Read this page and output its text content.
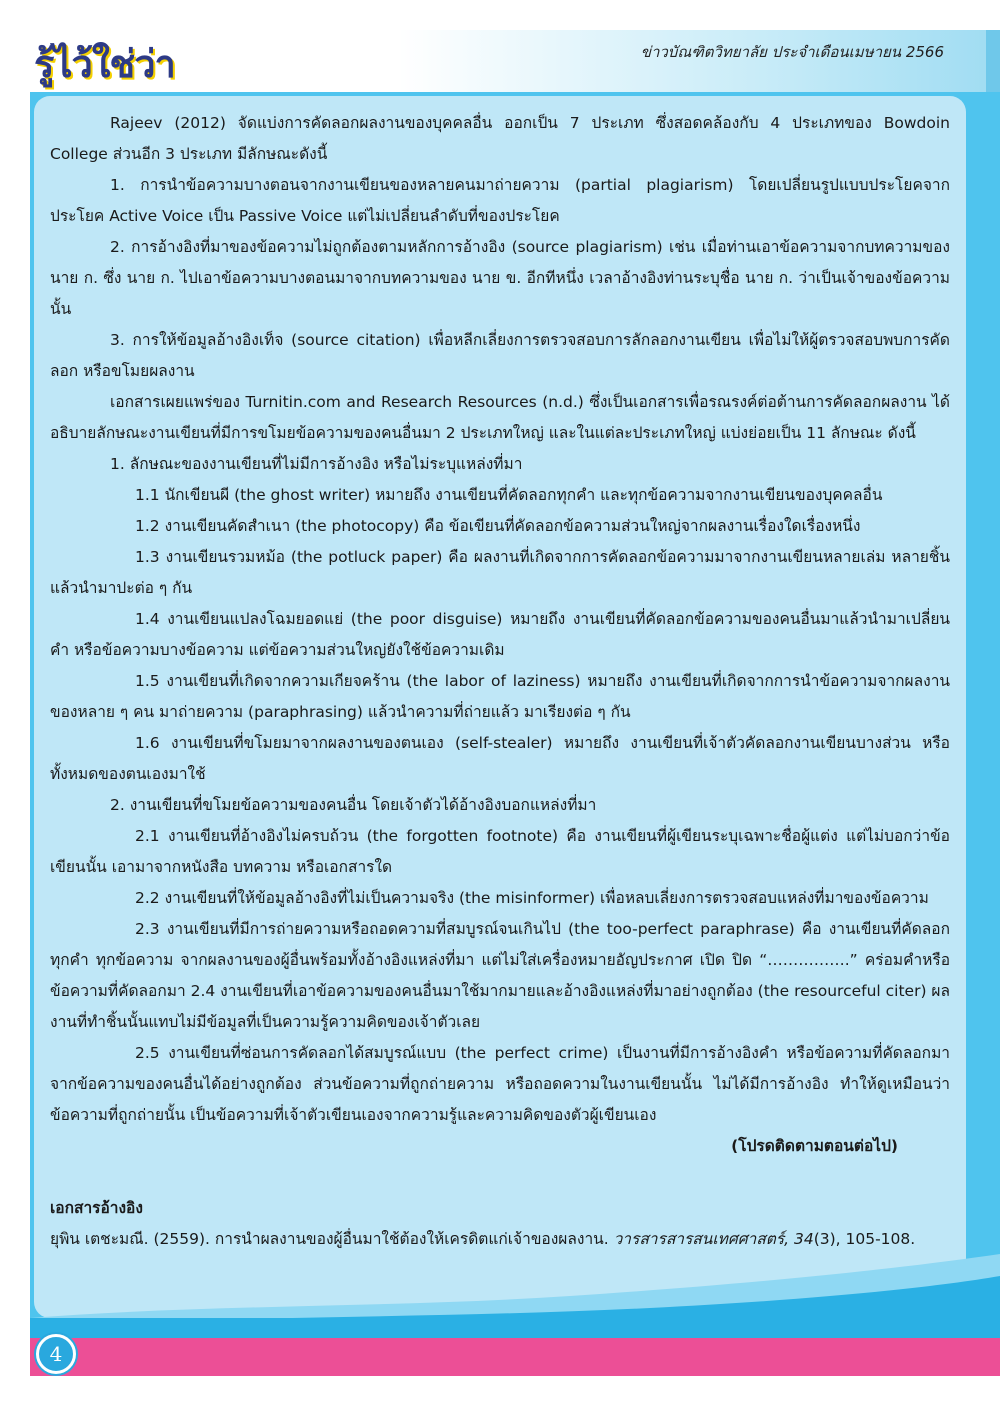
รู้ไว้ใช่ว่า	ข่าวบัณฑิตวิทยาลัย ประจำเดือนเมษายน 2566
4

Rajeev (2012) จัดแบ่งการคัดลอกผลงานของบุคคลอื่น ออกเป็น 7 ประเภท ซึ่งสอดคล้องกับ 4 ประเภทของ Bowdoin College ส่วนอีก 3 ประเภท มีลักษณะดังนี้

1. การนำข้อความบางตอนจากงานเขียนของหลายคนมาถ่ายความ (partial plagiarism) โดยเปลี่ยนรูปแบบประโยคจากประโยค Active Voice เป็น Passive Voice แต่ไม่เปลี่ยนลำดับที่ของประโยค

2. การอ้างอิงที่มาของข้อความไม่ถูกต้องตามหลักการอ้างอิง (source plagiarism) เช่น เมื่อท่านเอาข้อความจากบทความของ นาย ก. ซึ่ง นาย ก. ไปเอาข้อความบางตอนมาจากบทความของ นาย ข. อีกทีหนึ่ง เวลาอ้างอิงท่านระบุชื่อ นาย ก. ว่าเป็นเจ้าของข้อความนั้น

3. การให้ข้อมูลอ้างอิงเท็จ (source citation) เพื่อหลีกเลี่ยงการตรวจสอบการลักลอกงานเขียน เพื่อไม่ให้ผู้ตรวจสอบพบการคัดลอก หรือขโมยผลงาน

เอกสารเผยแพร่ของ Turnitin.com and Research Resources (n.d.) ซึ่งเป็นเอกสารเพื่อรณรงค์ต่อต้านการคัดลอกผลงาน ได้อธิบายลักษณะงานเขียนที่มีการขโมยข้อความของคนอื่นมา 2 ประเภทใหญ่ และในแต่ละประเภทใหญ่ แบ่งย่อยเป็น 11 ลักษณะ ดังนี้

1. ลักษณะของงานเขียนที่ไม่มีการอ้างอิง หรือไม่ระบุแหล่งที่มา

1.1 นักเขียนผี (the ghost writer) หมายถึง งานเขียนที่คัดลอกทุกคำ และทุกข้อความจากงานเขียนของบุคคลอื่น

1.2 งานเขียนคัดสำเนา (the photocopy) คือ ข้อเขียนที่คัดลอกข้อความส่วนใหญ่จากผลงานเรื่องใดเรื่องหนึ่ง

1.3 งานเขียนรวมหม้อ (the potluck paper) คือ ผลงานที่เกิดจากการคัดลอกข้อความมาจากงานเขียนหลายเล่ม หลายชิ้น แล้วนำมาปะต่อ ๆ กัน

1.4 งานเขียนแปลงโฉมยอดแย่ (the poor disguise) หมายถึง งานเขียนที่คัดลอกข้อความของคนอื่นมาแล้วนำมาเปลี่ยนคำ หรือข้อความบางข้อความ แต่ข้อความส่วนใหญ่ยังใช้ข้อความเดิม

1.5 งานเขียนที่เกิดจากความเกียจคร้าน (the labor of laziness) หมายถึง งานเขียนที่เกิดจากการนำข้อความจากผลงานของหลาย ๆ คน มาถ่ายความ (paraphrasing) แล้วนำความที่ถ่ายแล้ว มาเรียงต่อ ๆ กัน

1.6 งานเขียนที่ขโมยมาจากผลงานของตนเอง (self-stealer) หมายถึง งานเขียนที่เจ้าตัวคัดลอกงานเขียนบางส่วน หรือทั้งหมดของตนเองมาใช้

2. งานเขียนที่ขโมยข้อความของคนอื่น โดยเจ้าตัวได้อ้างอิงบอกแหล่งที่มา

2.1 งานเขียนที่อ้างอิงไม่ครบถ้วน (the forgotten footnote) คือ งานเขียนที่ผู้เขียนระบุเฉพาะชื่อผู้แต่ง แต่ไม่บอกว่าข้อเขียนนั้น เอามาจากหนังสือ บทความ หรือเอกสารใด

2.2 งานเขียนที่ให้ข้อมูลอ้างอิงที่ไม่เป็นความจริง (the misinformer) เพื่อหลบเลี่ยงการตรวจสอบแหล่งที่มาของข้อความ

2.3 งานเขียนที่มีการถ่ายความหรือถอดความที่สมบูรณ์จนเกินไป (the too-perfect paraphrase) คือ งานเขียนที่คัดลอกทุกคำ ทุกข้อความ จากผลงานของผู้อื่นพร้อมทั้งอ้างอิงแหล่งที่มา แต่ไม่ใส่เครื่องหมายอัญประกาศ เปิด ปิด “…………….” คร่อมคำหรือข้อความที่คัดลอกมา 2.4 งานเขียนที่เอาข้อความของคนอื่นมาใช้มากมายและอ้างอิงแหล่งที่มาอย่างถูกต้อง (the resourceful citer) ผลงานที่ทำชิ้นนั้นแทบไม่มีข้อมูลที่เป็นความรู้ความคิดของเจ้าตัวเลย

2.5 งานเขียนที่ซ่อนการคัดลอกได้สมบูรณ์แบบ (the perfect crime) เป็นงานที่มีการอ้างอิงคำ หรือข้อความที่คัดลอกมาจากข้อความของคนอื่นได้อย่างถูกต้อง ส่วนข้อความที่ถูกถ่ายความ หรือถอดความในงานเขียนนั้น ไม่ได้มีการอ้างอิง ทำให้ดูเหมือนว่า ข้อความที่ถูกถ่ายนั้น เป็นข้อความที่เจ้าตัวเขียนเองจากความรู้และความคิดของตัวผู้เขียนเอง

(โปรดติดตามตอนต่อไป)

เอกสารอ้างอิง

ยุพิน เตชะมณี. (2559). การนำผลงานของผู้อื่นมาใช้ต้องให้เครดิตแก่เจ้าของผลงาน. วารสารสารสนเทศศาสตร์, 34(3), 105-108.
